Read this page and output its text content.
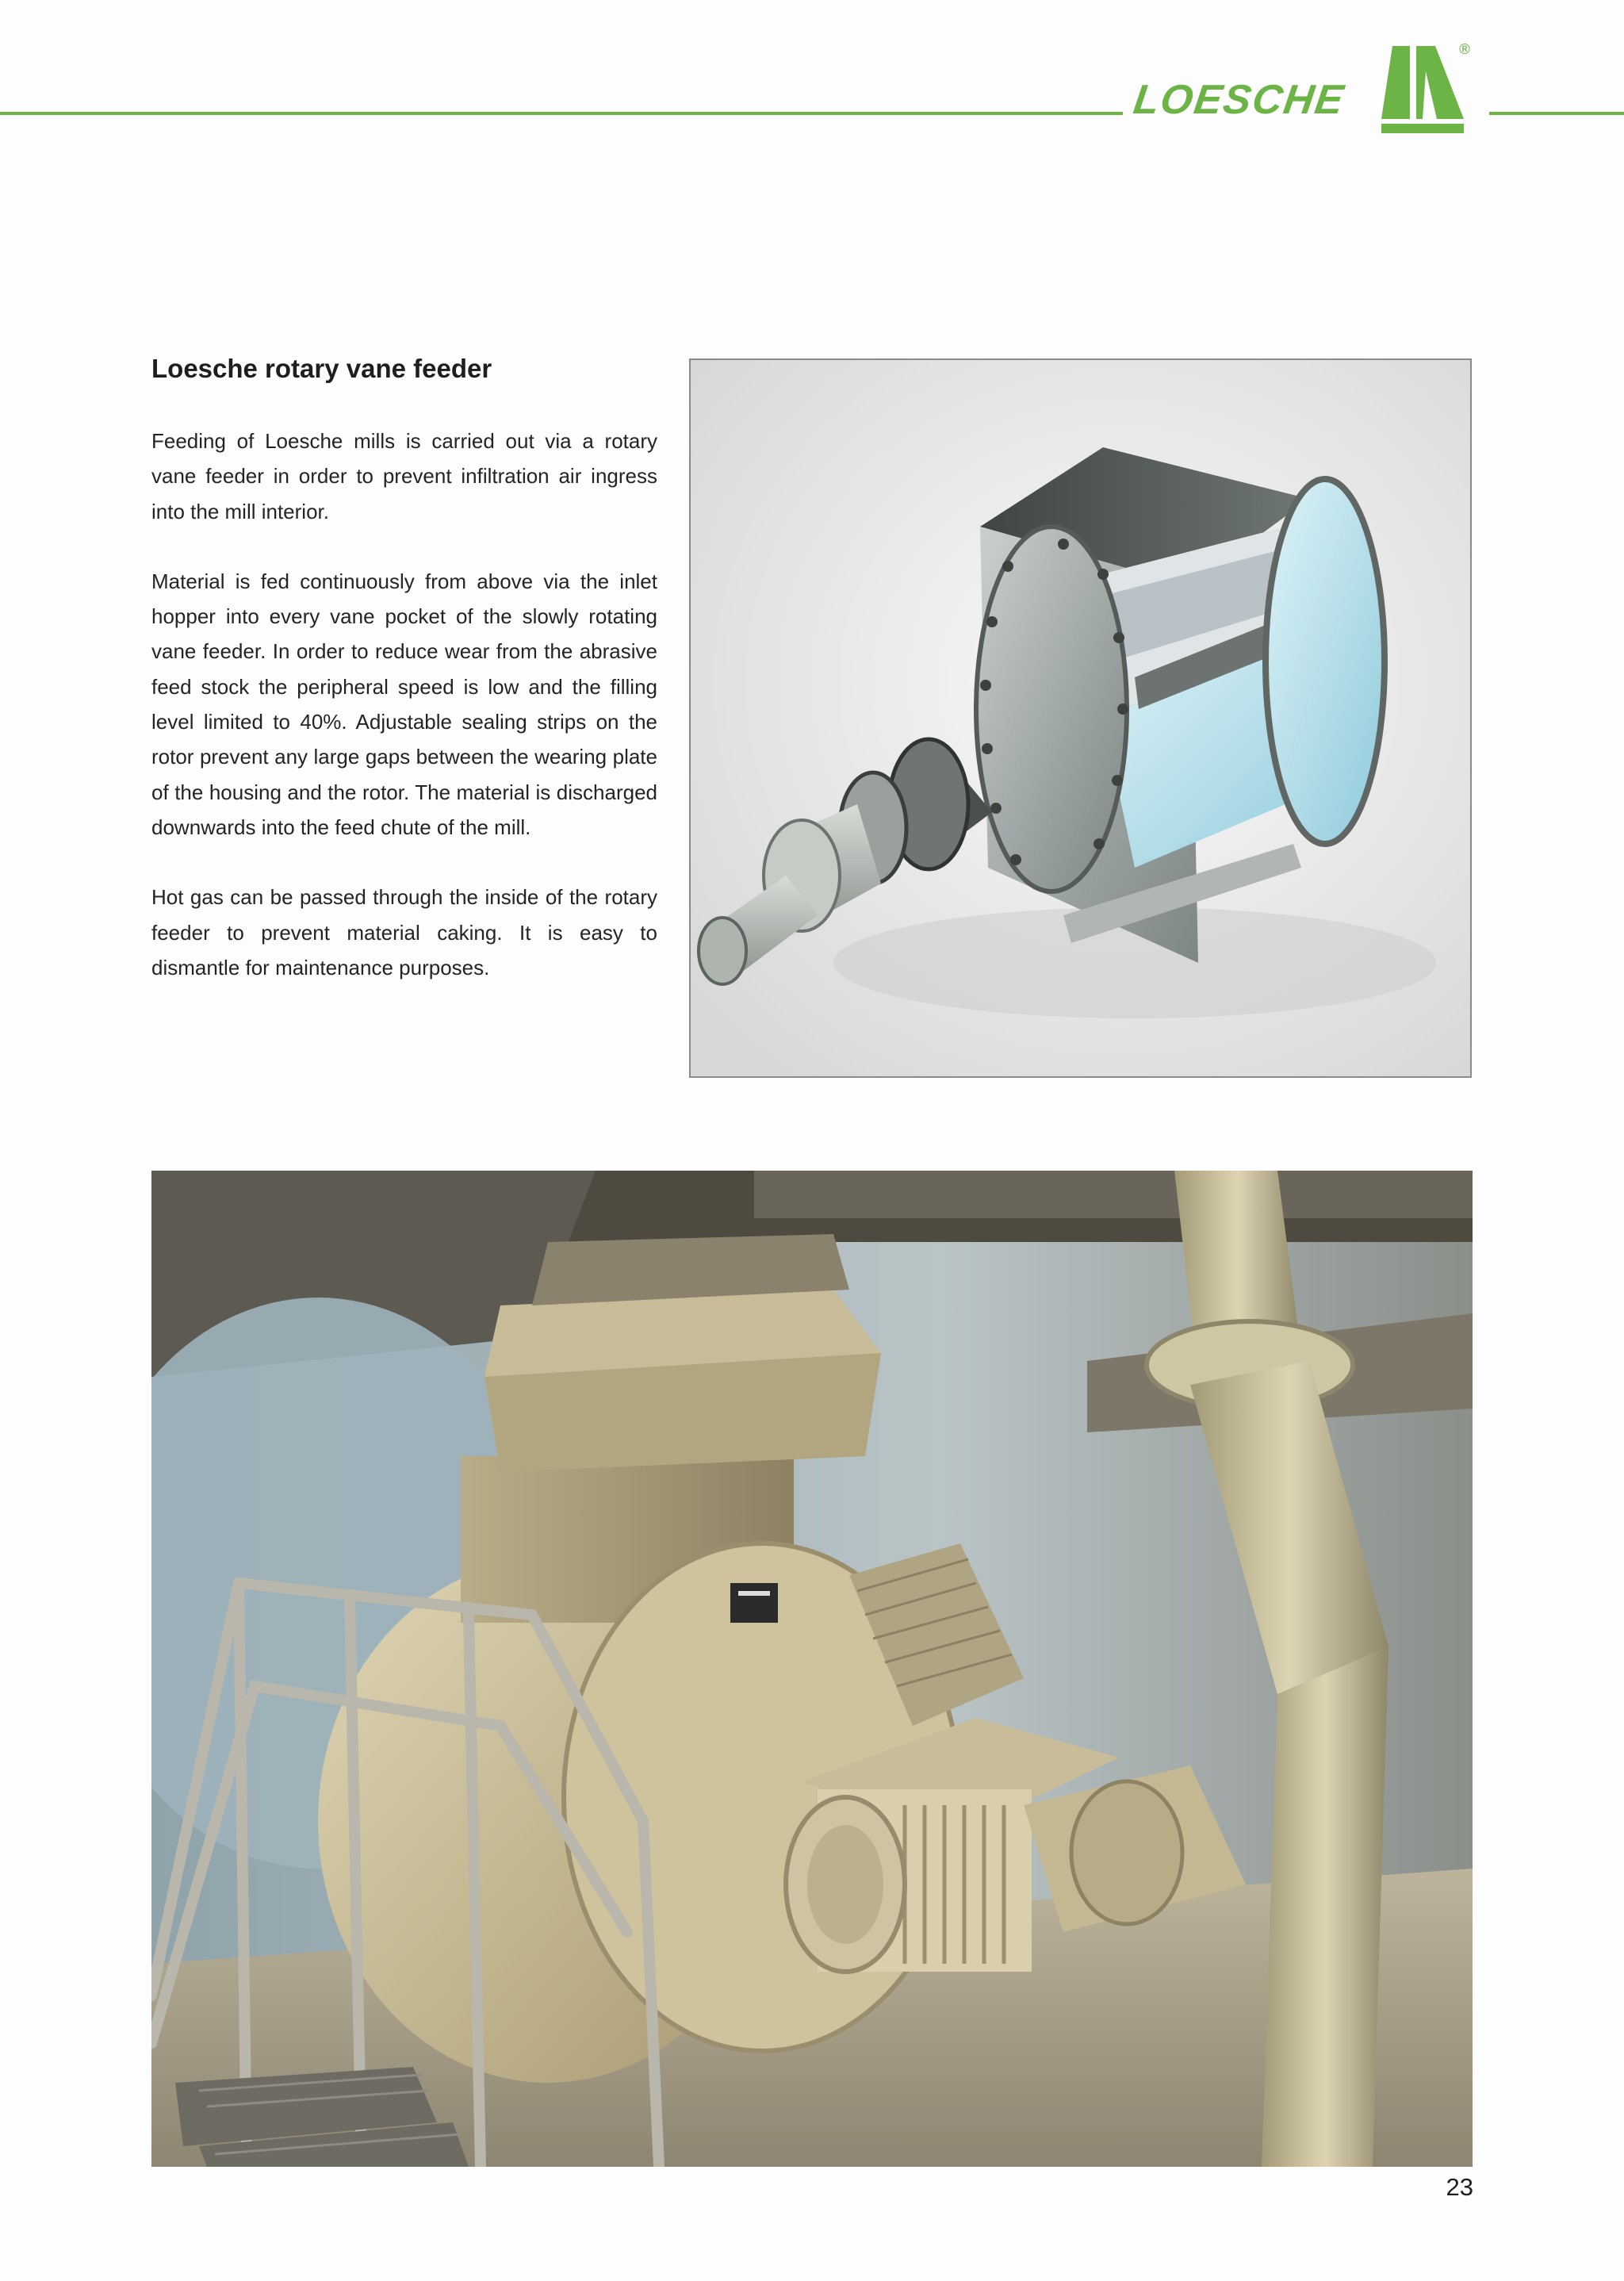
LOESCHE
®
Loesche rotary vane feeder

Feeding of Loesche mills is carried out via a rotary vane feeder in order to prevent infiltration air ingress into the mill interior.

Material is fed continuously from above via the inlet hopper into every vane pocket of the slowly rotating vane feeder. In order to reduce wear from the abrasive feed stock the peripheral speed is low and the filling level limited to 40%. Adjustable sealing strips on the rotor prevent any large gaps between the wearing plate of the housing and the rotor. The material is discharged downwards into the feed chute of the mill.

Hot gas can be passed through the inside of the rotary feeder to prevent material caking. It is easy to dismantle for maintenance purposes.

23
